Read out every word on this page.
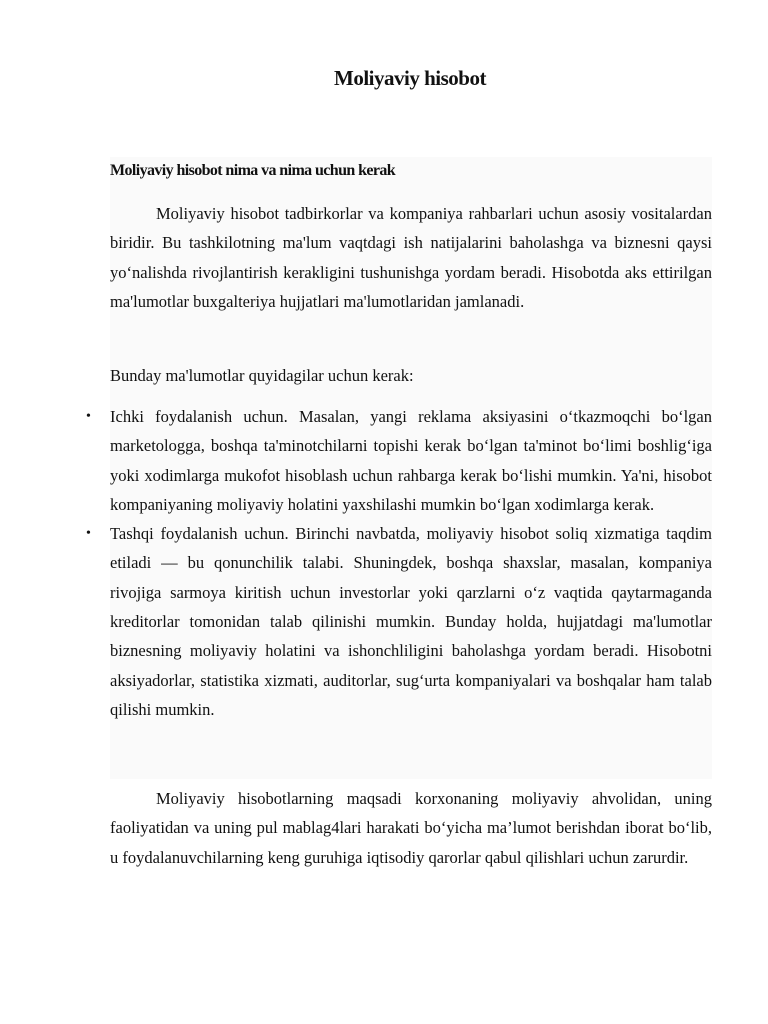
Moliyaviy hisobot
Moliyaviy hisobot nima va nima uchun kerak

Moliyaviy hisobot tadbirkorlar va kompaniya rahbarlari uchun asosiy vositalardan biridir. Bu tashkilotning ma'lum vaqtdagi ish natijalarini baholashga va biznesni qaysi yo‘nalishda rivojlantirish kerakligini tushunishga yordam beradi. Hisobotda aks ettirilgan ma'lumotlar buxgalteriya hujjatlari ma'lumotlaridan jamlanadi.

Bunday ma'lumotlar quyidagilar uchun kerak:

• Ichki foydalanish uchun. Masalan, yangi reklama aksiyasini o‘tkazmoqchi bo‘lgan marketologga, boshqa ta'minotchilarni topishi kerak bo‘lgan ta'minot bo‘limi boshlig‘iga yoki xodimlarga mukofot hisoblash uchun rahbarga kerak bo‘lishi mumkin. Ya'ni, hisobot kompaniyaning moliyaviy holatini yaxshilashi mumkin bo‘lgan xodimlarga kerak.
• Tashqi foydalanish uchun. Birinchi navbatda, moliyaviy hisobot soliq xizmatiga taqdim etiladi — bu qonunchilik talabi. Shuningdek, boshqa shaxslar, masalan, kompaniya rivojiga sarmoya kiritish uchun investorlar yoki qarzlarni o‘z vaqtida qaytarmaganda kreditorlar tomonidan talab qilinishi mumkin. Bunday holda, hujjatdagi ma'lumotlar biznesning moliyaviy holatini va ishonchliligini baholashga yordam beradi. Hisobotni aksiyadorlar, statistika xizmati, auditorlar, sug‘urta kompaniyalari va boshqalar ham talab qilishi mumkin.

Moliyaviy hisobotlarning maqsadi korxonaning moliyaviy ahvolidan, uning faoliyatidan va uning pul mablag4lari harakati bo‘yicha ma’lumot berishdan iborat bo‘lib, u foydalanuvchilarning keng guruhiga iqtisodiy qarorlar qabul qilishlari uchun zarurdir.
